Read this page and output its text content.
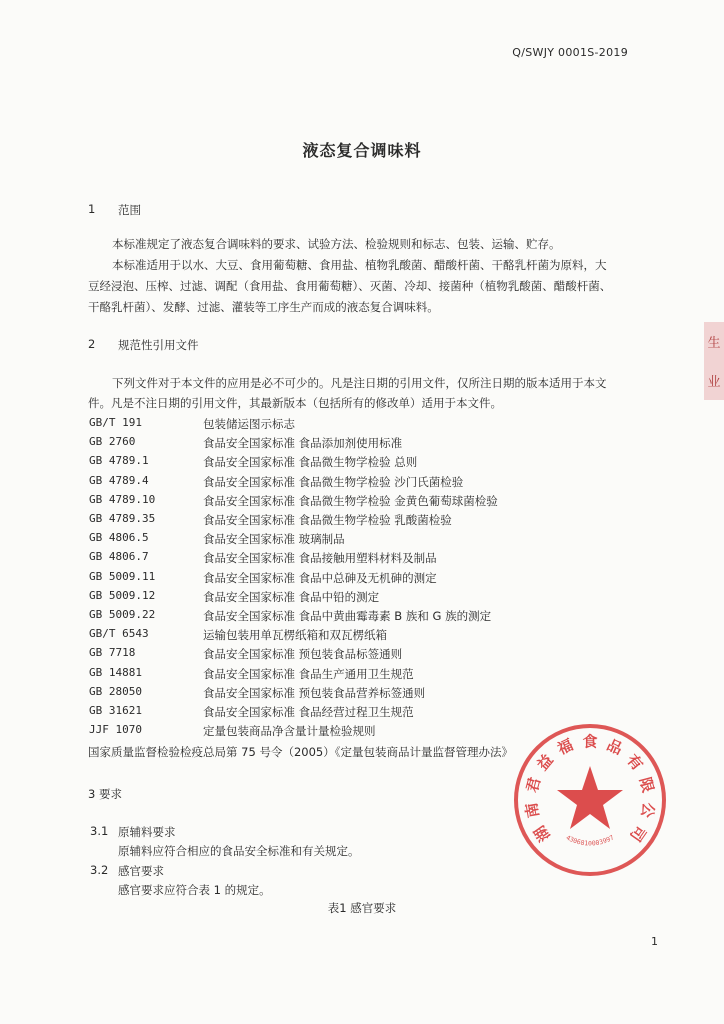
Q/SWJY 0001S-2019
液态复合调味料
1 范围
本标准规定了液态复合调味料的要求、试验方法、检验规则和标志、包装、运输、贮存。
本标准适用于以水、大豆、食用葡萄糖、食用盐、植物乳酸菌、醋酸杆菌、干酪乳杆菌为原料，大
豆经浸泡、压榨、过滤、调配（食用盐、食用葡萄糖）、灭菌、冷却、接菌种（植物乳酸菌、醋酸杆菌、
干酪乳杆菌）、发酵、过滤、灌装等工序生产而成的液态复合调味料。
2 规范性引用文件
下列文件对于本文件的应用是必不可少的。凡是注日期的引用文件，仅所注日期的版本适用于本文
件。凡是不注日期的引用文件，其最新版本（包括所有的修改单）适用于本文件。
GB/T 191	包装储运图示标志
GB 2760	食品安全国家标准 食品添加剂使用标准
GB 4789.1	食品安全国家标准 食品微生物学检验 总则
GB 4789.4	食品安全国家标准 食品微生物学检验 沙门氏菌检验
GB 4789.10	食品安全国家标准 食品微生物学检验 金黄色葡萄球菌检验
GB 4789.35	食品安全国家标准 食品微生物学检验 乳酸菌检验
GB 4806.5	食品安全国家标准 玻璃制品
GB 4806.7	食品安全国家标准 食品接触用塑料材料及制品
GB 5009.11	食品安全国家标准 食品中总砷及无机砷的测定
GB 5009.12	食品安全国家标准 食品中铅的测定
GB 5009.22	食品安全国家标准 食品中黄曲霉毒素 B 族和 G 族的测定
GB/T 6543	运输包装用单瓦楞纸箱和双瓦楞纸箱
GB 7718	食品安全国家标准 预包装食品标签通则
GB 14881	食品安全国家标准 食品生产通用卫生规范
GB 28050	食品安全国家标准 预包装食品营养标签通则
GB 31621	食品安全国家标准 食品经营过程卫生规范
JJF 1070	定量包装商品净含量计量检验规则
国家质量监督检验检疫总局第 75 号令（2005）《定量包装商品计量监督管理办法》
3 要求
3.1 原辅料要求
原辅料应符合相应的食品安全标准和有关规定。
3.2 感官要求
感官要求应符合表 1 的规定。
表1 感官要求
生
业
湖
南
君
益
福 食 品
有
限
公
司
4306810003997
1
